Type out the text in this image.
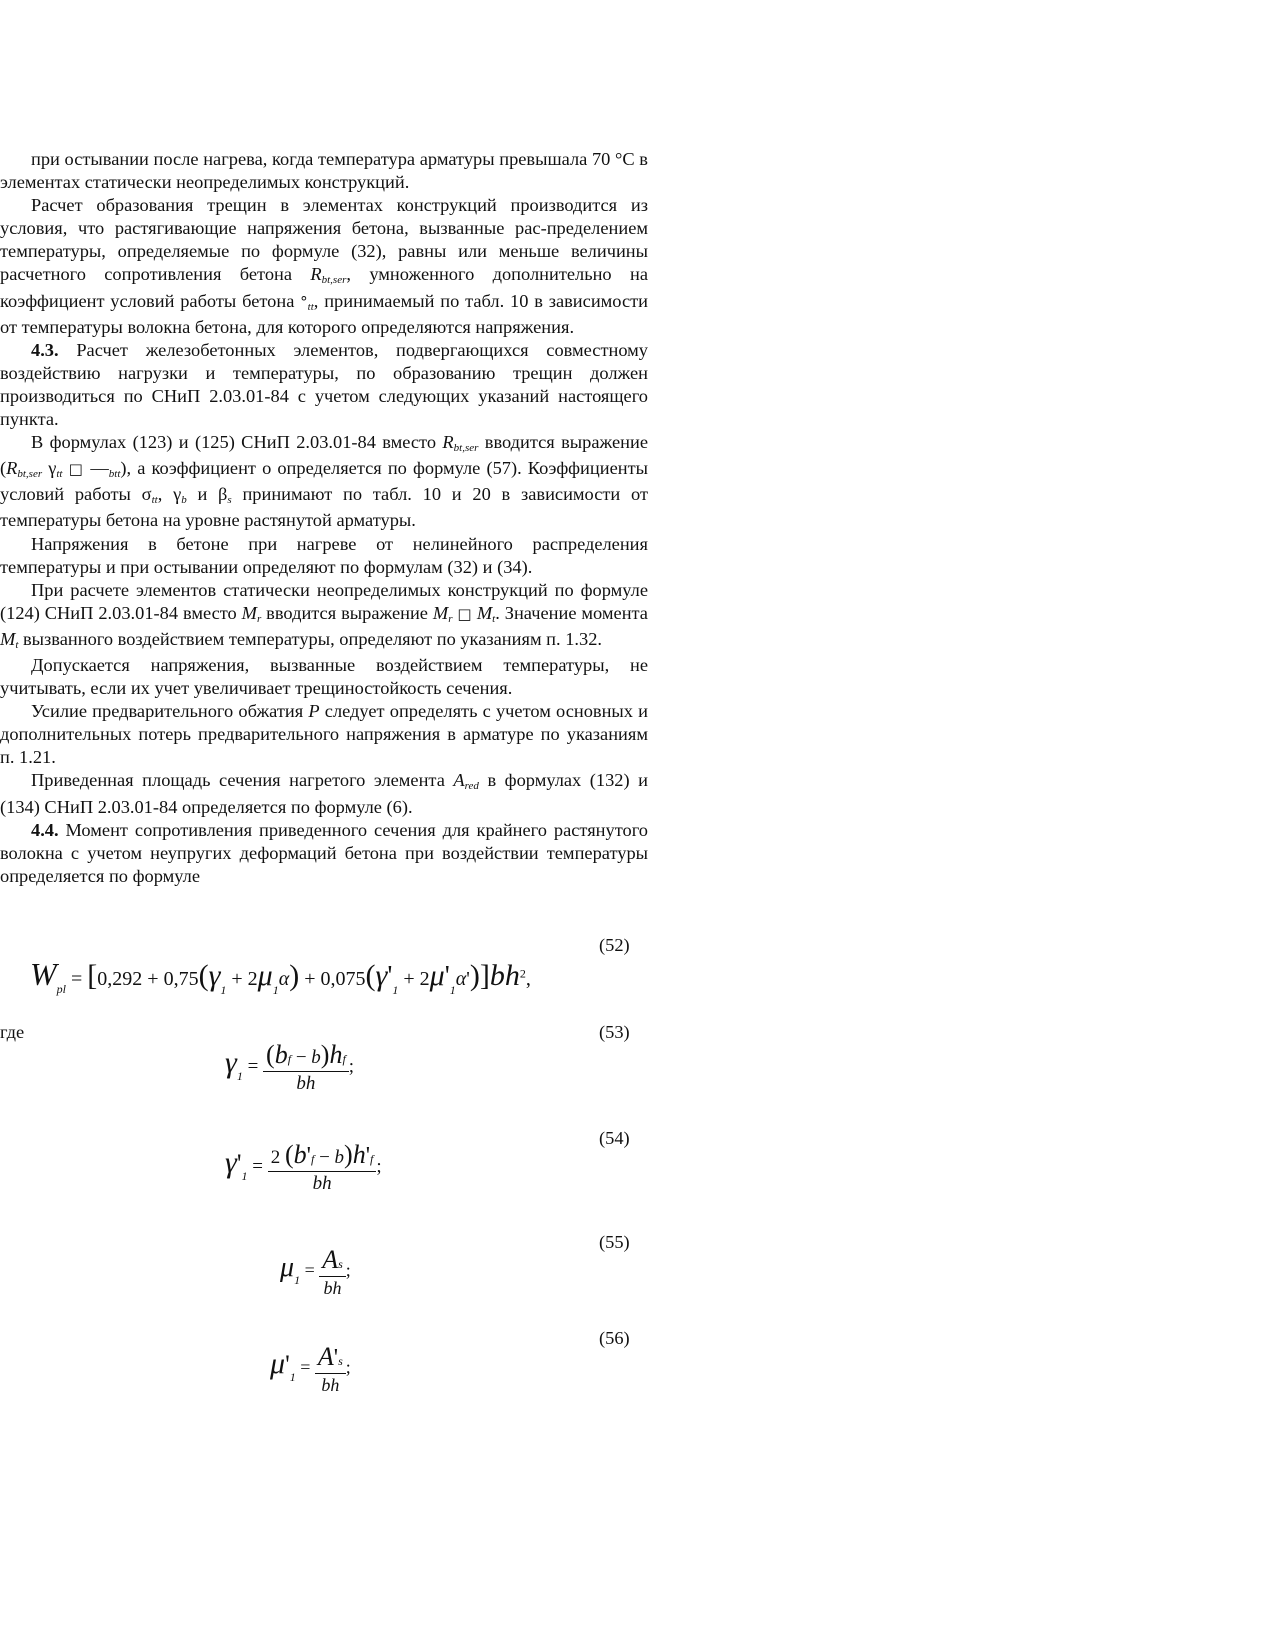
при остывании после нагрева, когда температура арматуры превышала 70 °С в элементах статически неопределимых конструкций.

Расчет образования трещин в элементах конструкций производится из условия, что растягивающие напряжения бетона, вызванные рас-пределением температуры, определяемые по формуле (32), равны или меньше величины расчетного сопротивления бетона Rbt,ser, умноженного дополнительно на коэффициент условий работы бетона °tt, принимаемый по табл. 10 в зависимости от температуры волокна бетона, для которого определяются напряжения.

4.3. Расчет железобетонных элементов, подвергающихся совместному воздействию нагрузки и температуры, по образованию трещин должен производиться по СНиП 2.03.01-84 с учетом следующих указаний настоящего пункта.

В формулах (123) и (125) СНиП 2.03.01-84 вместо Rbt,ser вводится выражение (Rbt,ser γtt □ —btt), а коэффициент о определяется по формуле (57). Коэффициенты условий работы σtt, γb и βs принимают по табл. 10 и 20 в зависимости от температуры бетона на уровне растянутой арматуры.

Напряжения в бетоне при нагреве от нелинейного распределения температуры и при остывании определяют по формулам (32) и (34).

При расчете элементов статически неопределимых конструкций по формуле (124) СНиП 2.03.01-84 вместо Mr вводится выражение Mr □ Mt. Значение момента Mt вызванного воздействием температуры, определяют по указаниям п. 1.32.

Допускается напряжения, вызванные воздействием температуры, не учитывать, если их учет увеличивает трещиностойкость сечения.

Усилие предварительного обжатия P следует определять с учетом основных и дополнительных потерь предварительного напряжения в арматуре по указаниям п. 1.21.

Приведенная площадь сечения нагретого элемента Ared в формулах (132) и (134) СНиП 2.03.01-84 определяется по формуле (6).

4.4. Момент сопротивления приведенного сечения для крайнего растянутого волокна с учетом неупругих деформаций бетона при воздействии температуры определяется по формуле

(52)
(53)
(54)
(55)
(56)
где
$W_{pl} = [0,292 + 0,75(\gamma_1 + 2\mu_1\alpha) + 0,075(\gamma'_1 + 2\mu'_1\alpha')]bh^2$,
$\gamma_1 = \frac{(bf - b)hf}{bh}$ ;
$\gamma'_1 = \frac{2 (b'f - b)h'f}{bh}$ ;
$\mu_1 = \frac{As}{bh}$ ;
$\mu'_1 = \frac{A's}{bh}$ ;
